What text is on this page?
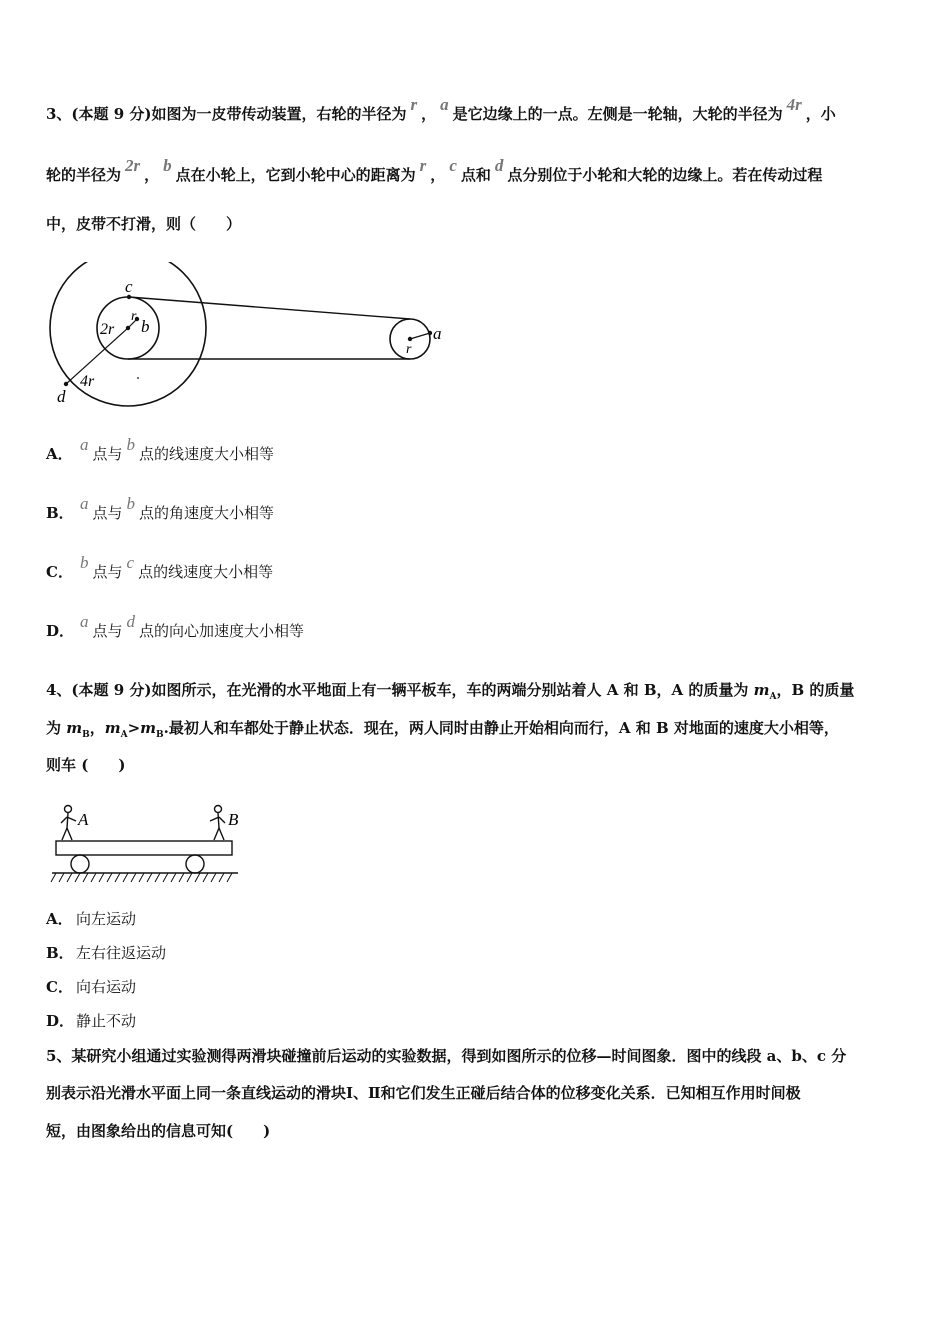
3、(本题 9 分)如图为一皮带传动装置，右轮的半径为 r ， a 是它边缘上的一点。左侧是一轮轴，大轮的半径为 4r ，小
轮的半径为 2r ， b 点在小轮上，它到小轮中心的距离为 r ， c 点和 d 点分别位于小轮和大轮的边缘上。若在传动过程
中，皮带不打滑，则（　　）
c
r
b
2r
4r
d
a
r
A． a 点与 b 点的线速度大小相等
B． a 点与 b 点的角速度大小相等
C． b 点与 c 点的线速度大小相等
D． a 点与 d 点的向心加速度大小相等
4、(本题 9 分)如图所示，在光滑的水平地面上有一辆平板车，车的两端分别站着人 A 和 B，A 的质量为 $m_A$，B 的质量
为 $m_B$，$m_A>m_B$.最初人和车都处于静止状态．现在，两人同时由静止开始相向而行，A 和 B 对地面的速度大小相等，
则车 (　　)
A	B
A． 向左运动
B． 左右往返运动
C． 向右运动
D． 静止不动
5、某研究小组通过实验测得两滑块碰撞前后运动的实验数据，得到如图所示的位移—时间图象．图中的线段 a、b、c 分
别表示沿光滑水平面上同一条直线运动的滑块Ⅰ、Ⅱ和它们发生正碰后结合体的位移变化关系．已知相互作用时间极
短，由图象给出的信息可知(　　)
